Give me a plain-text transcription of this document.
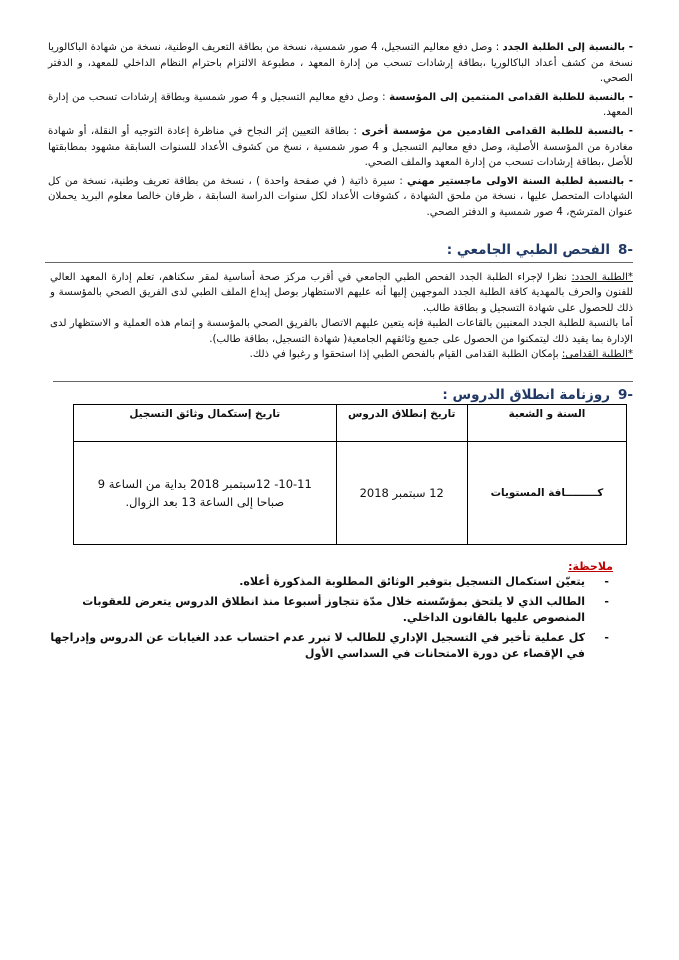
- بالنسبة إلى الطلبة الجدد : وصل دفع معاليم التسجيل، 4 صور شمسية، نسخة من بطاقة التعريف الوطنية، نسخة من شهادة الباكالوريا نسخة من كشف أعداد الباكالوريا ،بطاقة إرشادات تسحب من إدارة المعهد ، مطبوعة الالتزام باحترام النظام الداخلي للمعهد، و الدفتر الصحي.

- بالنسبة للطلبة القدامى المنتمين إلى المؤسسة : وصل دفع معاليم التسجيل و 4 صور شمسية وبطاقة إرشادات تسحب من إدارة المعهد.

- بالنسبة للطلبة القدامى القادمين من مؤسسة أخرى : بطاقة التعيين إثر النجاح في مناظرة إعادة التوجيه أو النقلة، أو شهادة مغادرة من المؤسسة الأصلية، وصل دفع معاليم التسجيل و 4 صور شمسية ، نسخ من كشوف الأعداد للسنوات السابقة مشهود بمطابقتها للأصل ،بطاقة إرشادات تسحب من إدارة المعهد والملف الصحي.

- بالنسبة لطلبة السنة الاولى ماجستير مهني : سيرة ذاتية ( في صفحة واحدة ) ، نسخة من بطاقة تعريف وطنية، نسخة من كل الشهادات المتحصل عليها ، نسخة من ملحق الشهادة ، كشوفات الأعداد لكل سنوات الدراسة السابقة ، ظرفان خالصا معلوم البريد يحملان عنوان المترشح، 4 صور شمسية و الدفتر الصحي.

-8الفحص الطبي الجامعي :

*الطلبة الجدد: نظرا لإجراء الطلبة الجدد الفحص الطبي الجامعي في أقرب مركز صحة أساسية لمقر سكناهم، تعلم إدارة المعهد العالي للفنون والحرف بالمهدية كافة الطلبة الجدد الموجهين إليها أنه عليهم الاستظهار بوصل إيداع الملف الطبي لدى الفريق الصحي بالمؤسسة و ذلك للحصول على شهادة التسجيل و بطاقة طالب.

أما بالنسبة للطلبة الجدد المعنيين بالقاعات الطبية فإنه يتعين عليهم الاتصال بالفريق الصحي بالمؤسسة و إتمام هذه العملية و الاستظهار لدى الإدارة بما يفيد ذلك ليتمكنوا من الحصول على جميع وثائقهم الجامعية( شهادة التسجيل، بطاقة طالب).

*الطلبة القدامى: بإمكان الطلبة القدامى القيام بالفحص الطبي إذا استحقوا و رغبوا في ذلك.

-9روزنامة انطلاق الدروس :
السنة و الشعبة	تاريخ إنطلاق الدروس	تاريخ إستكمال وثائق التسجيل
كـــــــــافة المستويات	12 سبتمبر 2018	10-11- 12سبتمبر 2018 بداية من الساعة 9 صباحا إلى الساعة 13 بعد الزوال.
ملاحظة:
-
يتعيّن استكمال التسجيل بتوفير الوثائق المطلوبة المذكورة أعلاه.
-
الطالب الذي لا يلتحق بمؤسّسته خلال مدّة تتجاوز أسبوعا منذ انطلاق الدروس يتعرض للعقوبات المنصوص عليها بالقانون الداخلي.
-
كل عملية تأخير في التسجيل الإداري للطالب لا تبرر عدم احتساب عدد الغيابات عن الدروس وإدراجها في الإقصاء عن دورة الامتحانات في السداسي الأول
